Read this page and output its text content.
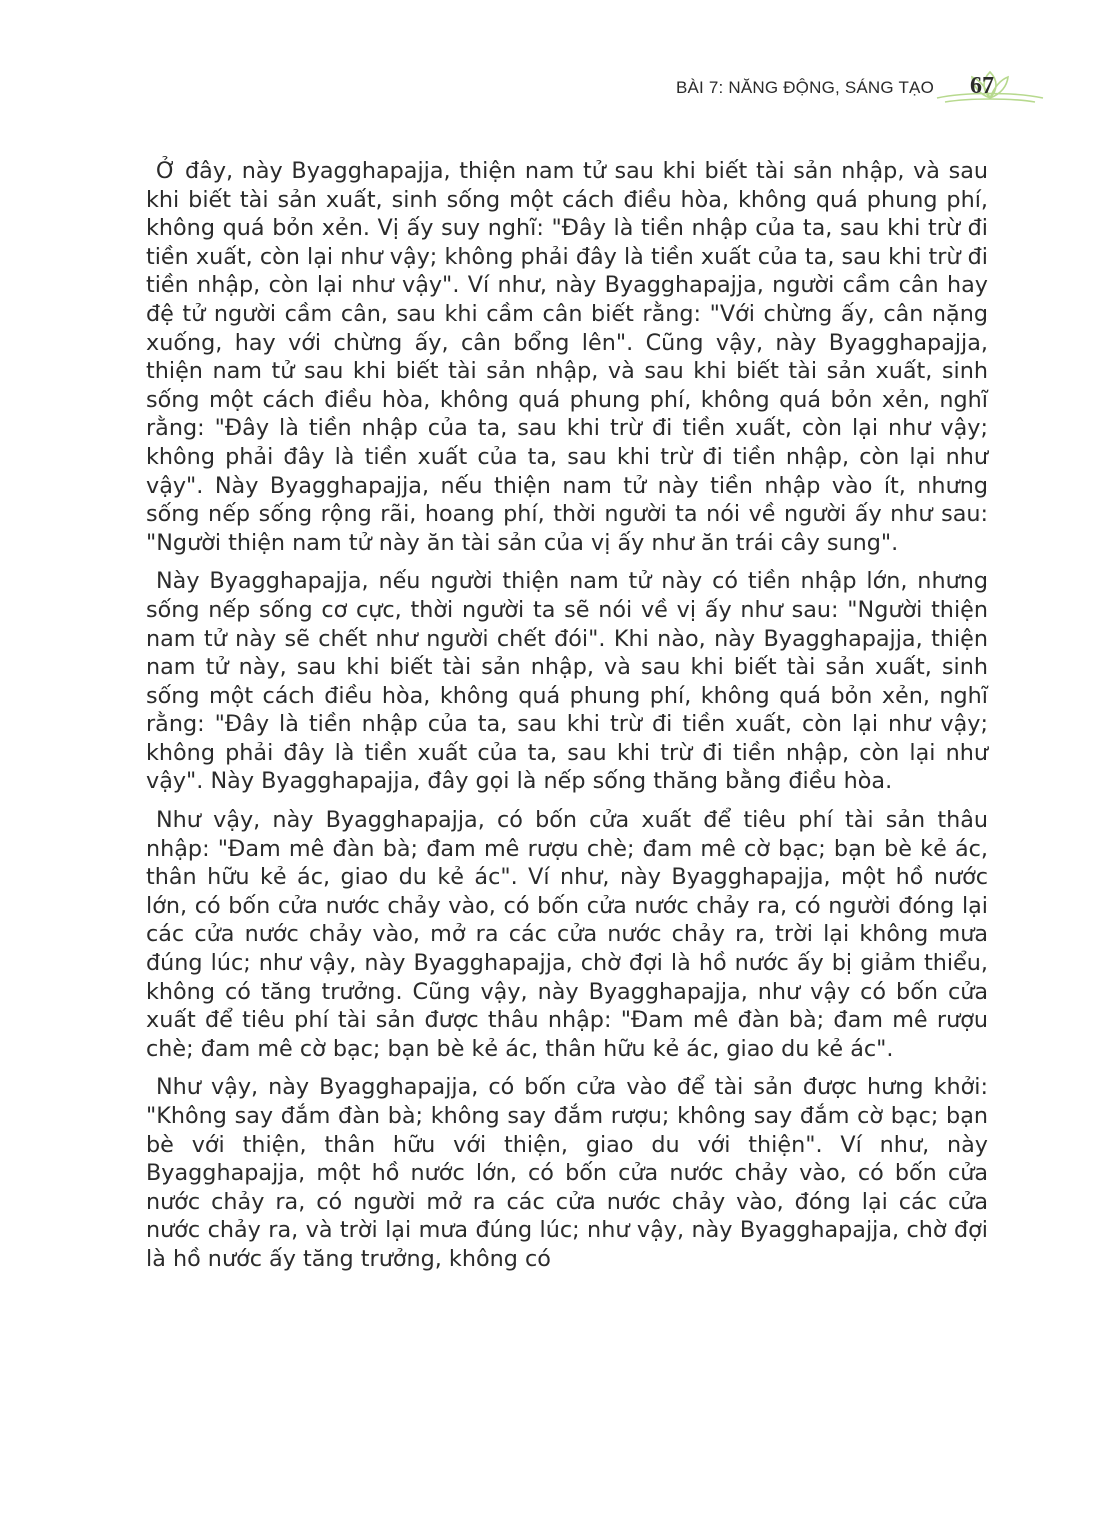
BÀI 7: NĂNG ĐỘNG, SÁNG TẠO 67

Ở đây, này Byagghapajja, thiện nam tử sau khi biết tài sản nhập, và sau khi biết tài sản xuất, sinh sống một cách điều hòa, không quá phung phí, không quá bỏn xẻn. Vị ấy suy nghĩ: "Đây là tiền nhập của ta, sau khi trừ đi tiền xuất, còn lại như vậy; không phải đây là tiền xuất của ta, sau khi trừ đi tiền nhập, còn lại như vậy". Ví như, này Byagghapajja, người cầm cân hay đệ tử người cầm cân, sau khi cầm cân biết rằng: "Với chừng ấy, cân nặng xuống, hay với chừng ấy, cân bổng lên". Cũng vậy, này Byagghapajja, thiện nam tử sau khi biết tài sản nhập, và sau khi biết tài sản xuất, sinh sống một cách điều hòa, không quá phung phí, không quá bỏn xẻn, nghĩ rằng: "Đây là tiền nhập của ta, sau khi trừ đi tiền xuất, còn lại như vậy; không phải đây là tiền xuất của ta, sau khi trừ đi tiền nhập, còn lại như vậy". Này Byagghapajja, nếu thiện nam tử này tiền nhập vào ít, nhưng sống nếp sống rộng rãi, hoang phí, thời người ta nói về người ấy như sau: "Người thiện nam tử này ăn tài sản của vị ấy như ăn trái cây sung".

Này Byagghapajja, nếu người thiện nam tử này có tiền nhập lớn, nhưng sống nếp sống cơ cực, thời người ta sẽ nói về vị ấy như sau: "Người thiện nam tử này sẽ chết như người chết đói". Khi nào, này Byagghapajja, thiện nam tử này, sau khi biết tài sản nhập, và sau khi biết tài sản xuất, sinh sống một cách điều hòa, không quá phung phí, không quá bỏn xẻn, nghĩ rằng: "Đây là tiền nhập của ta, sau khi trừ đi tiền xuất, còn lại như vậy; không phải đây là tiền xuất của ta, sau khi trừ đi tiền nhập, còn lại như vậy". Này Byagghapajja, đây gọi là nếp sống thăng bằng điều hòa.

Như vậy, này Byagghapajja, có bốn cửa xuất để tiêu phí tài sản thâu nhập: "Đam mê đàn bà; đam mê rượu chè; đam mê cờ bạc; bạn bè kẻ ác, thân hữu kẻ ác, giao du kẻ ác". Ví như, này Byagghapajja, một hồ nước lớn, có bốn cửa nước chảy vào, có bốn cửa nước chảy ra, có người đóng lại các cửa nước chảy vào, mở ra các cửa nước chảy ra, trời lại không mưa đúng lúc; như vậy, này Byagghapajja, chờ đợi là hồ nước ấy bị giảm thiểu, không có tăng trưởng. Cũng vậy, này Byagghapajja, như vậy có bốn cửa xuất để tiêu phí tài sản được thâu nhập: "Đam mê đàn bà; đam mê rượu chè; đam mê cờ bạc; bạn bè kẻ ác, thân hữu kẻ ác, giao du kẻ ác".

Như vậy, này Byagghapajja, có bốn cửa vào để tài sản được hưng khởi: "Không say đắm đàn bà; không say đắm rượu; không say đắm cờ bạc; bạn bè với thiện, thân hữu với thiện, giao du với thiện". Ví như, này Byagghapajja, một hồ nước lớn, có bốn cửa nước chảy vào, có bốn cửa nước chảy ra, có người mở ra các cửa nước chảy vào, đóng lại các cửa nước chảy ra, và trời lại mưa đúng lúc; như vậy, này Byagghapajja, chờ đợi là hồ nước ấy tăng trưởng, không có
